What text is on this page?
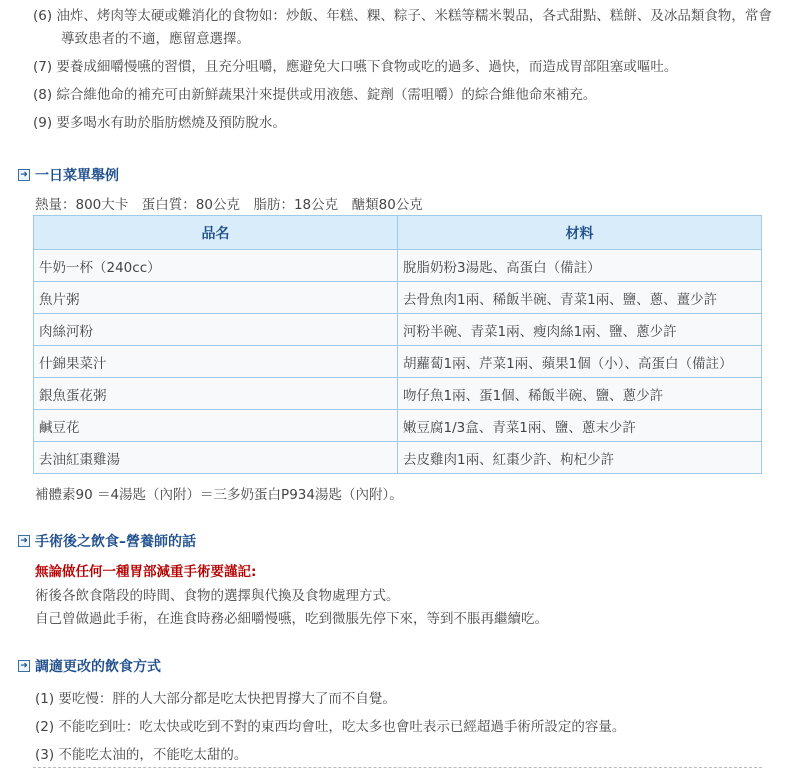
(6) 油炸、烤肉等太硬或難消化的食物如：炒飯、年糕、粿、粽子、米糕等糯米製品，各式甜點、糕餅、及冰品類食物，常會導致患者的不適，應留意選擇。
(7) 要養成細嚼慢嚥的習慣，且充分咀嚼，應避免大口嚥下食物或吃的過多、過快，而造成胃部阻塞或嘔吐。
(8) 綜合維他命的補充可由新鮮蔬果汁來提供或用液態、錠劑（需咀嚼）的綜合維他命來補充。
(9) 要多喝水有助於脂肪燃燒及預防脫水。
➜ 一日菜單舉例
熱量：800大卡　蛋白質：80公克　脂肪：18公克　醣類80公克
品名	材料
牛奶一杯（240cc）	脫脂奶粉3湯匙、高蛋白（備註）
魚片粥	去骨魚肉1兩、稀飯半碗、青菜1兩、鹽、蔥、薑少許
肉絲河粉	河粉半碗、青菜1兩、瘦肉絲1兩、鹽、蔥少許
什錦果菜汁	胡蘿蔔1兩、芹菜1兩、蘋果1個（小）、高蛋白（備註）
銀魚蛋花粥	吻仔魚1兩、蛋1個、稀飯半碗、鹽、蔥少許
鹹豆花	嫩豆腐1/3盒、青菜1兩、鹽、蔥末少許
去油紅棗雞湯	去皮雞肉1兩、紅棗少許、枸杞少許
補體素90 ＝4湯匙（內附）＝三多奶蛋白P934湯匙（內附）。
➜ 手術後之飲食–營養師的話
無論做任何一種胃部減重手術要謹記:
術後各飲食階段的時間、食物的選擇與代換及食物處理方式。
自己曾做過此手術，在進食時務必細嚼慢嚥，吃到微脹先停下來，等到不脹再繼續吃。
➜ 調適更改的飲食方式
(1) 要吃慢：胖的人大部分都是吃太快把胃撐大了而不自覺。
(2) 不能吃到吐：吃太快或吃到不對的東西均會吐，吃太多也會吐表示已經超過手術所設定的容量。
(3) 不能吃太油的，不能吃太甜的。
